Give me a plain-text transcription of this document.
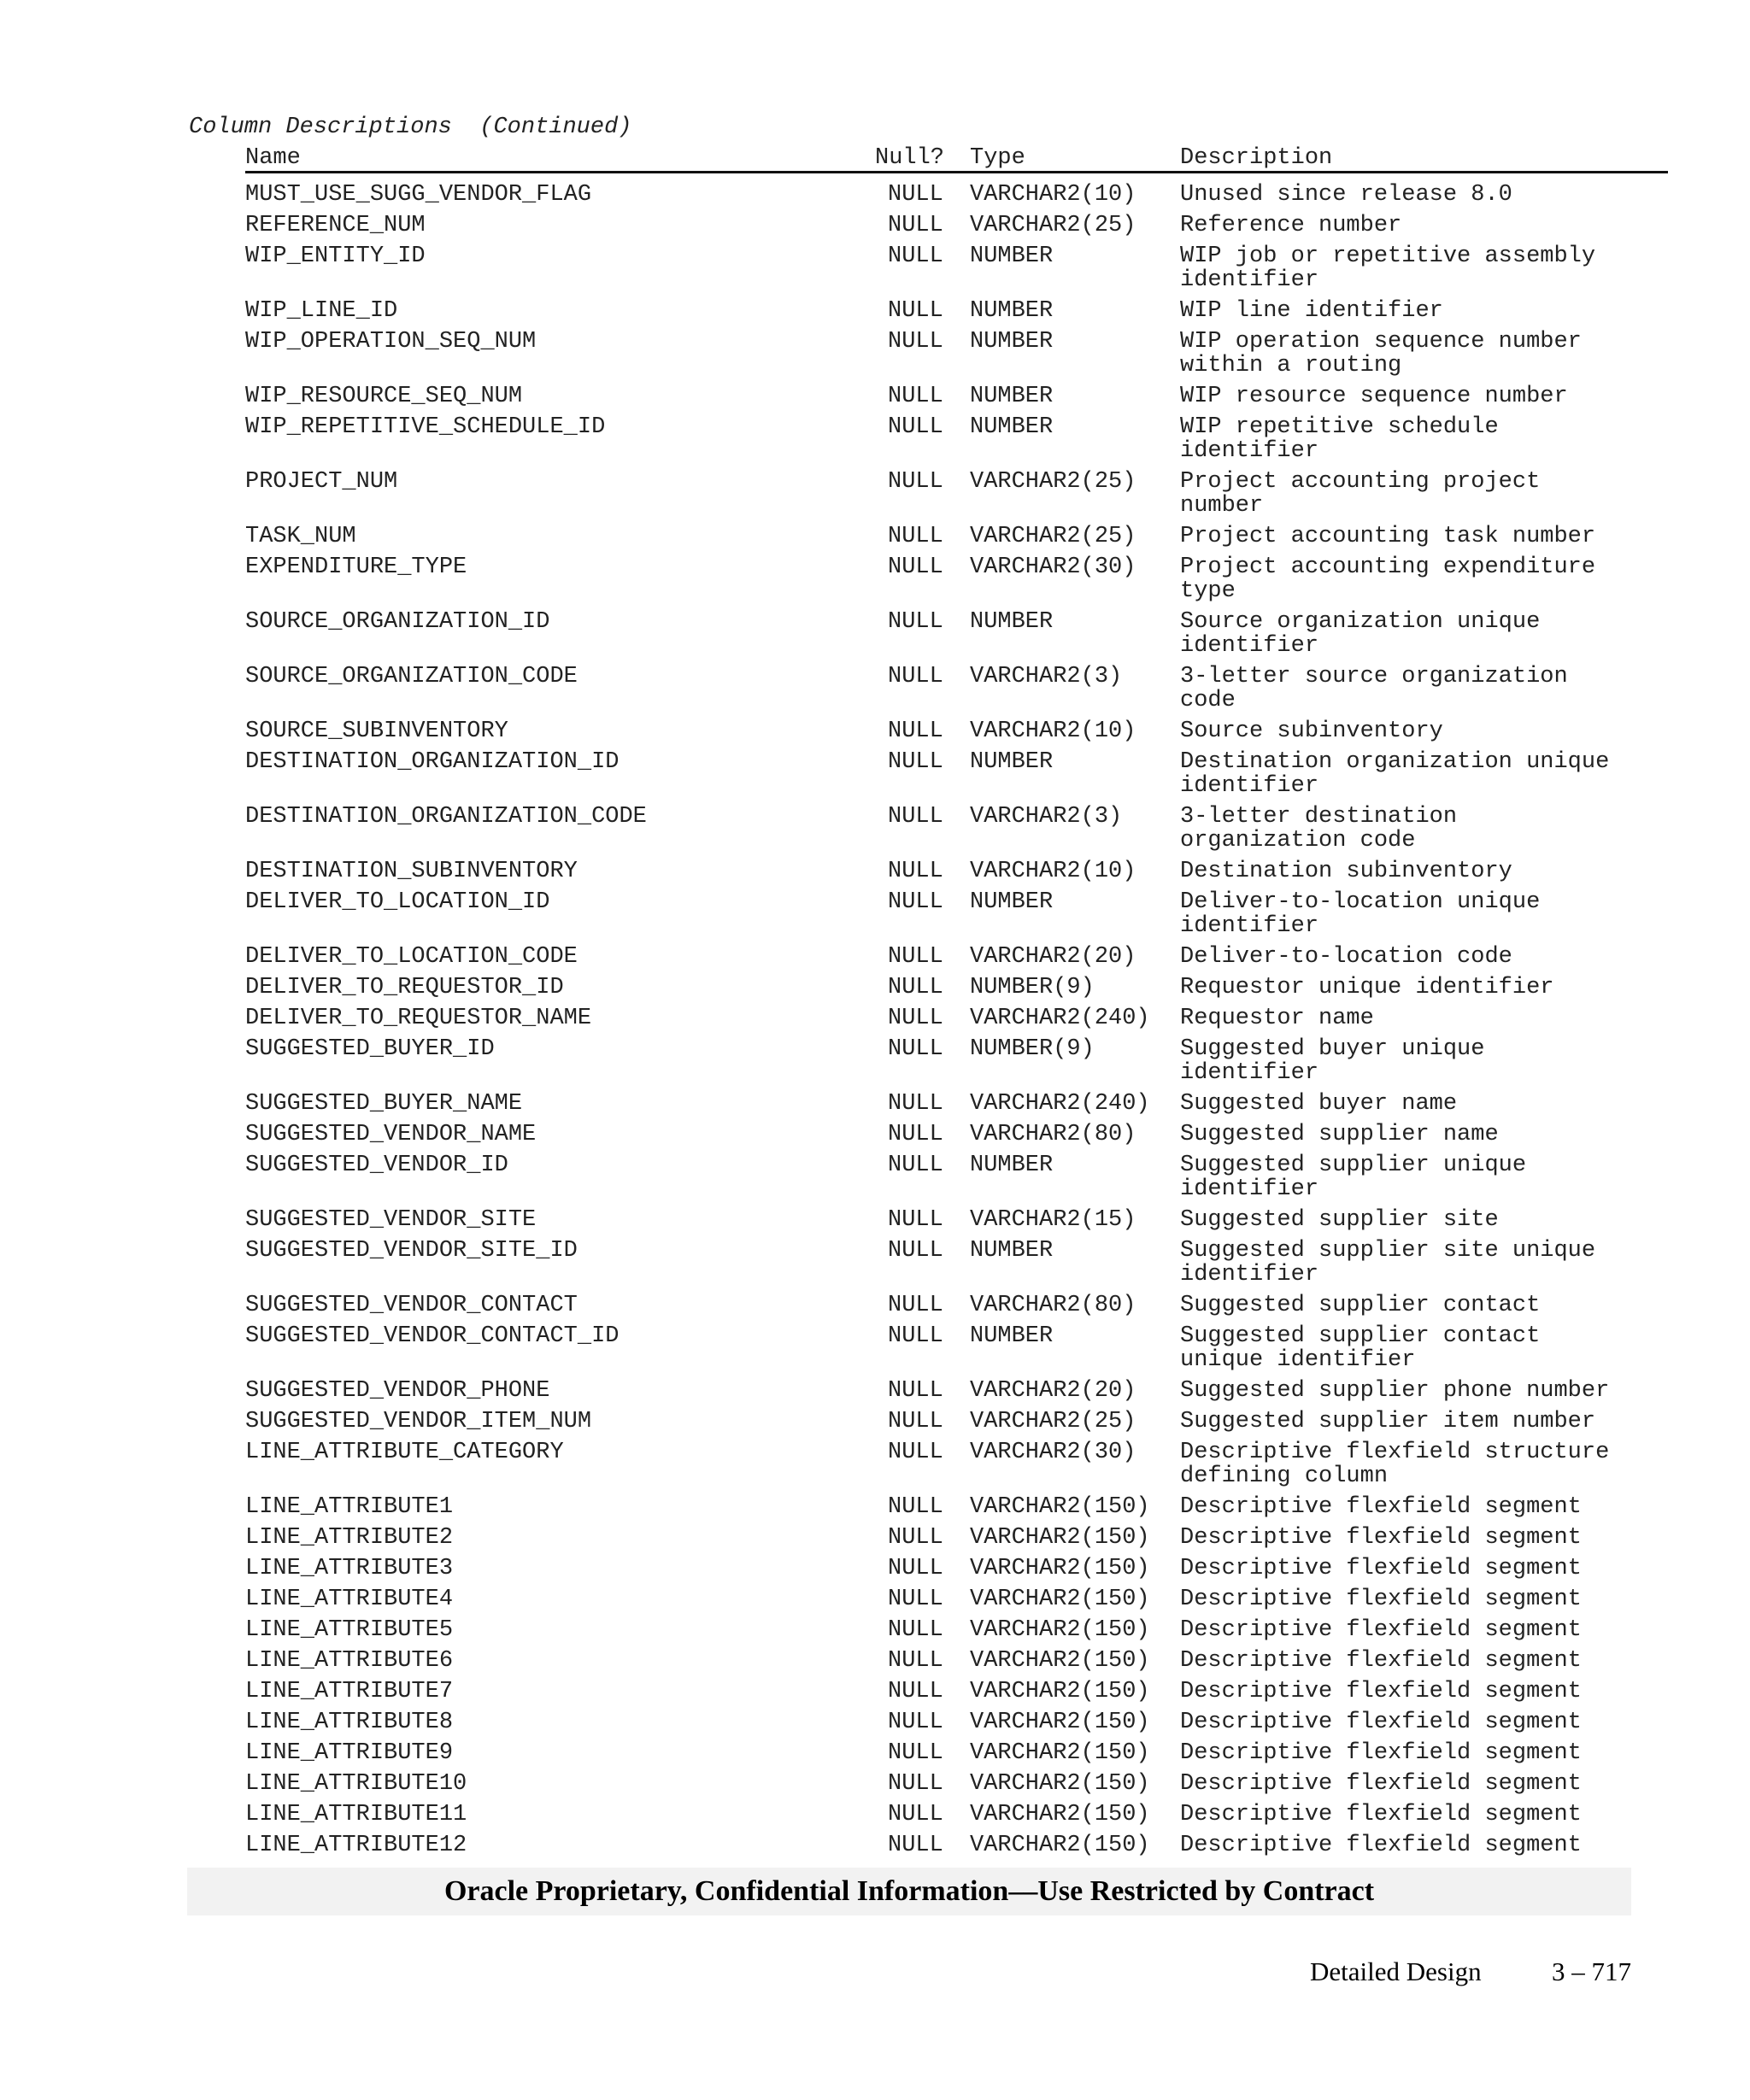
Column Descriptions  (Continued)
Name	Null? Type	Description
MUST_USE_SUGG_VENDOR_FLAG	NULL VARCHAR2(10) Unused since release 8.0
REFERENCE_NUM	NULL VARCHAR2(25) Reference number
WIP_ENTITY_ID	NULL NUMBER	WIP job or repetitive assembly
identifier
WIP_LINE_ID	NULL NUMBER	WIP line identifier
WIP_OPERATION_SEQ_NUM	NULL NUMBER	WIP operation sequence number
within a routing
WIP_RESOURCE_SEQ_NUM	NULL NUMBER	WIP resource sequence number
WIP_REPETITIVE_SCHEDULE_ID	NULL NUMBER	WIP repetitive schedule
identifier
PROJECT_NUM	NULL VARCHAR2(25) Project accounting project
number
TASK_NUM	NULL VARCHAR2(25) Project accounting task number
EXPENDITURE_TYPE	NULL VARCHAR2(30) Project accounting expenditure
type
SOURCE_ORGANIZATION_ID	NULL NUMBER	Source organization unique
identifier
SOURCE_ORGANIZATION_CODE	NULL VARCHAR2(3)	3-letter source organization
code
SOURCE_SUBINVENTORY	NULL VARCHAR2(10) Source subinventory
DESTINATION_ORGANIZATION_ID	NULL NUMBER	Destination organization unique
identifier
DESTINATION_ORGANIZATION_CODE	NULL VARCHAR2(3)	3-letter destination
organization code
DESTINATION_SUBINVENTORY	NULL VARCHAR2(10) Destination subinventory
DELIVER_TO_LOCATION_ID	NULL NUMBER	Deliver-to-location unique
identifier
DELIVER_TO_LOCATION_CODE	NULL VARCHAR2(20) Deliver-to-location code
DELIVER_TO_REQUESTOR_ID	NULL NUMBER(9)	Requestor unique identifier
DELIVER_TO_REQUESTOR_NAME	NULL VARCHAR2(240) Requestor name
SUGGESTED_BUYER_ID	NULL NUMBER(9)	Suggested buyer unique
identifier
SUGGESTED_BUYER_NAME	NULL VARCHAR2(240) Suggested buyer name
SUGGESTED_VENDOR_NAME	NULL VARCHAR2(80) Suggested supplier name
SUGGESTED_VENDOR_ID	NULL NUMBER	Suggested supplier unique
identifier
SUGGESTED_VENDOR_SITE	NULL VARCHAR2(15) Suggested supplier site
SUGGESTED_VENDOR_SITE_ID	NULL NUMBER	Suggested supplier site unique
identifier
SUGGESTED_VENDOR_CONTACT	NULL VARCHAR2(80) Suggested supplier contact
SUGGESTED_VENDOR_CONTACT_ID	NULL NUMBER	Suggested supplier contact
unique identifier
SUGGESTED_VENDOR_PHONE	NULL VARCHAR2(20) Suggested supplier phone number
SUGGESTED_VENDOR_ITEM_NUM	NULL VARCHAR2(25) Suggested supplier item number
LINE_ATTRIBUTE_CATEGORY	NULL VARCHAR2(30) Descriptive flexfield structure
defining column
LINE_ATTRIBUTE1	NULL VARCHAR2(150) Descriptive flexfield segment
LINE_ATTRIBUTE2	NULL VARCHAR2(150) Descriptive flexfield segment
LINE_ATTRIBUTE3	NULL VARCHAR2(150) Descriptive flexfield segment
LINE_ATTRIBUTE4	NULL VARCHAR2(150) Descriptive flexfield segment
LINE_ATTRIBUTE5	NULL VARCHAR2(150) Descriptive flexfield segment
LINE_ATTRIBUTE6	NULL VARCHAR2(150) Descriptive flexfield segment
LINE_ATTRIBUTE7	NULL VARCHAR2(150) Descriptive flexfield segment
LINE_ATTRIBUTE8	NULL VARCHAR2(150) Descriptive flexfield segment
LINE_ATTRIBUTE9	NULL VARCHAR2(150) Descriptive flexfield segment
LINE_ATTRIBUTE10	NULL VARCHAR2(150) Descriptive flexfield segment
LINE_ATTRIBUTE11	NULL VARCHAR2(150) Descriptive flexfield segment
LINE_ATTRIBUTE12	NULL VARCHAR2(150) Descriptive flexfield segment
Oracle Proprietary, Confidential Information––Use Restricted by Contract
Detailed Design	3 – 717
